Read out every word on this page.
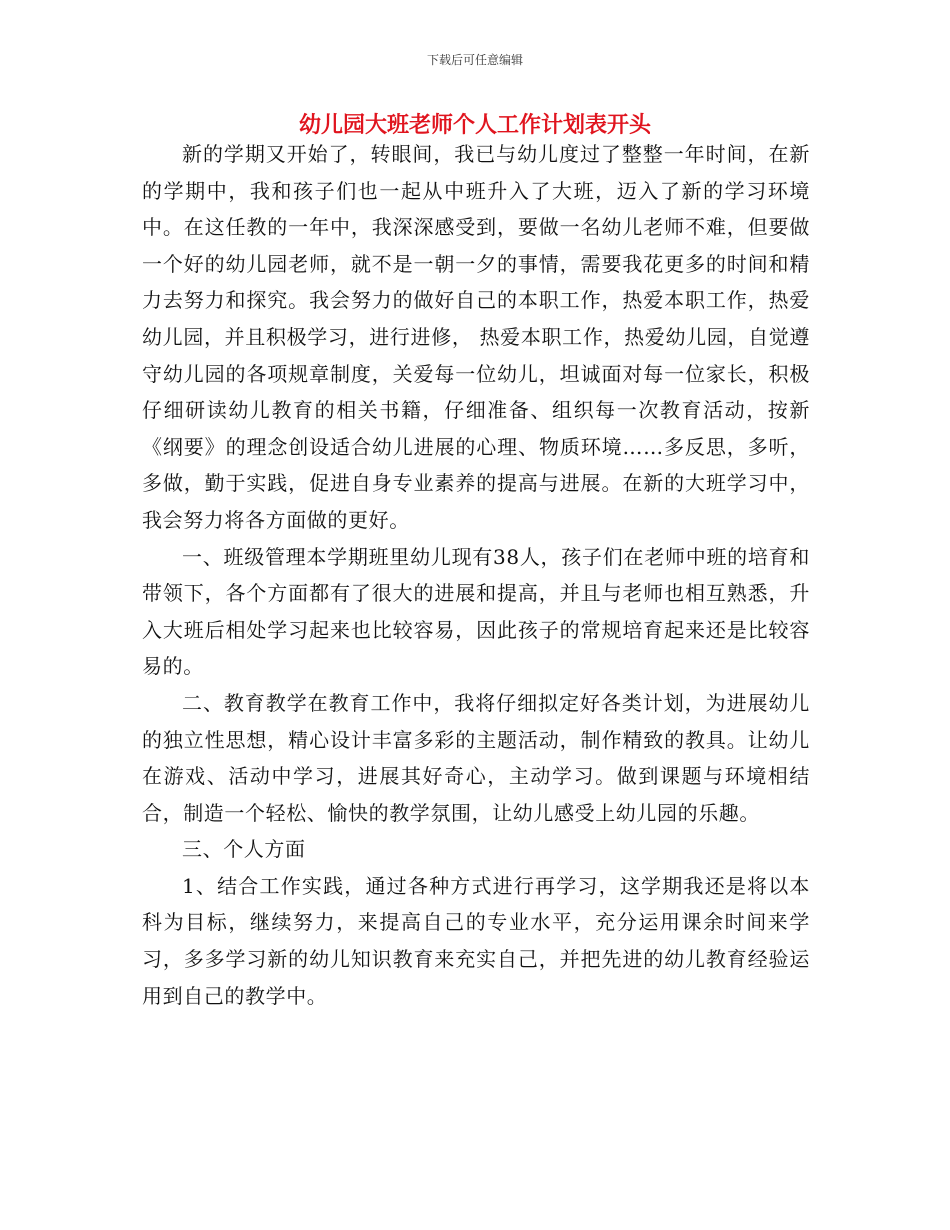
下载后可任意编辑
幼儿园大班老师个人工作计划表开头

新的学期又开始了，转眼间，我已与幼儿度过了整整一年时间，在新的学期中，我和孩子们也一起从中班升入了大班，迈入了新的学习环境中。在这任教的一年中，我深深感受到，要做一名幼儿老师不难，但要做一个好的幼儿园老师，就不是一朝一夕的事情，需要我花更多的时间和精力去努力和探究。我会努力的做好自己的本职工作，热爱本职工作，热爱幼儿园，并且积极学习，进行进修， 热爱本职工作，热爱幼儿园，自觉遵守幼儿园的各项规章制度，关爱每一位幼儿，坦诚面对每一位家长，积极仔细研读幼儿教育的相关书籍，仔细准备、组织每一次教育活动，按新《纲要》的理念创设适合幼儿进展的心理、物质环境……多反思，多听，多做，勤于实践，促进自身专业素养的提高与进展。在新的大班学习中，我会努力将各方面做的更好。

一、班级管理本学期班里幼儿现有38人，孩子们在老师中班的培育和带领下，各个方面都有了很大的进展和提高，并且与老师也相互熟悉，升入大班后相处学习起来也比较容易，因此孩子的常规培育起来还是比较容易的。

二、教育教学在教育工作中，我将仔细拟定好各类计划，为进展幼儿的独立性思想，精心设计丰富多彩的主题活动，制作精致的教具。让幼儿在游戏、活动中学习，进展其好奇心，主动学习。做到课题与环境相结合，制造一个轻松、愉快的教学氛围，让幼儿感受上幼儿园的乐趣。

三、个人方面

1、结合工作实践，通过各种方式进行再学习，这学期我还是将以本科为目标，继续努力，来提高自己的专业水平，充分运用课余时间来学习，多多学习新的幼儿知识教育来充实自己，并把先进的幼儿教育经验运用到自己的教学中。
